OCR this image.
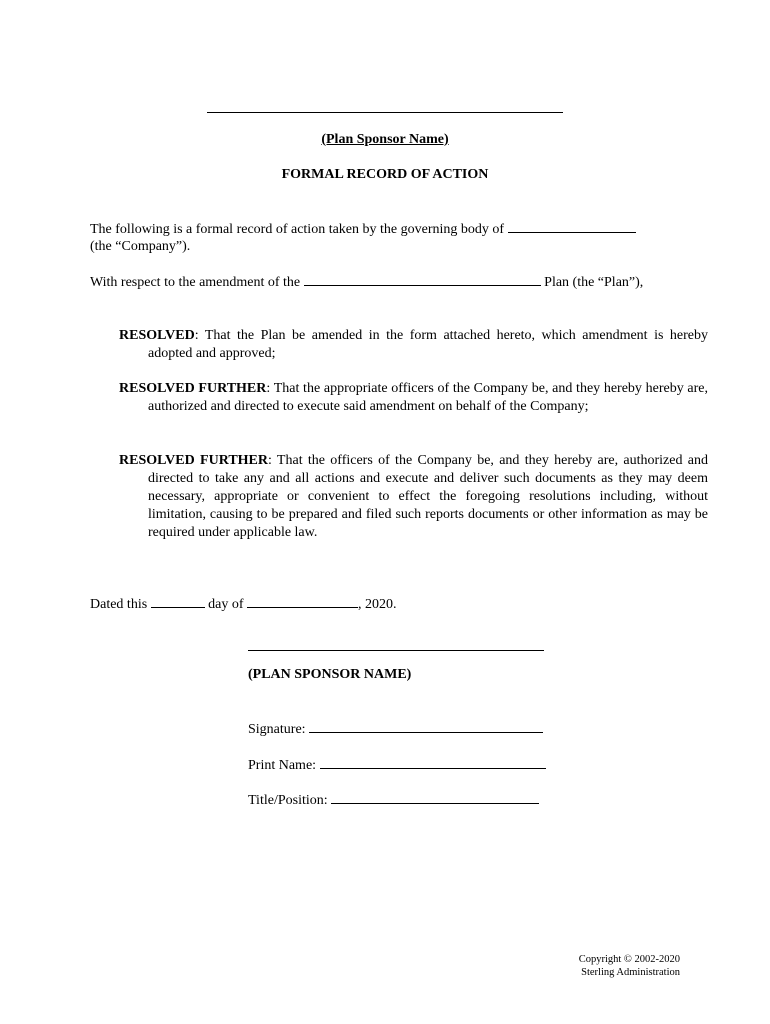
(Plan Sponsor Name)
FORMAL RECORD OF ACTION
The following is a formal record of action taken by the governing body of
(the “Company”).
With respect to the amendment of the	Plan (the “Plan”),
RESOLVED: That the Plan be amended in the form attached hereto, which amendment is hereby adopted and approved;
RESOLVED FURTHER: That the appropriate officers of the Company be, and they hereby hereby are, authorized and directed to execute said amendment on behalf of the Company;
RESOLVED FURTHER: That the officers of the Company be, and they hereby are, authorized and directed to take any and all actions and execute and deliver such documents as they may deem necessary, appropriate or convenient to effect the foregoing resolutions including, without limitation, causing to be prepared and filed such reports documents or other information as may be required under applicable law.
Dated this	day of	, 2020.
(PLAN SPONSOR NAME)
Signature:
Print Name:
Title/Position:
Copyright © 2002-2020
Sterling Administration
